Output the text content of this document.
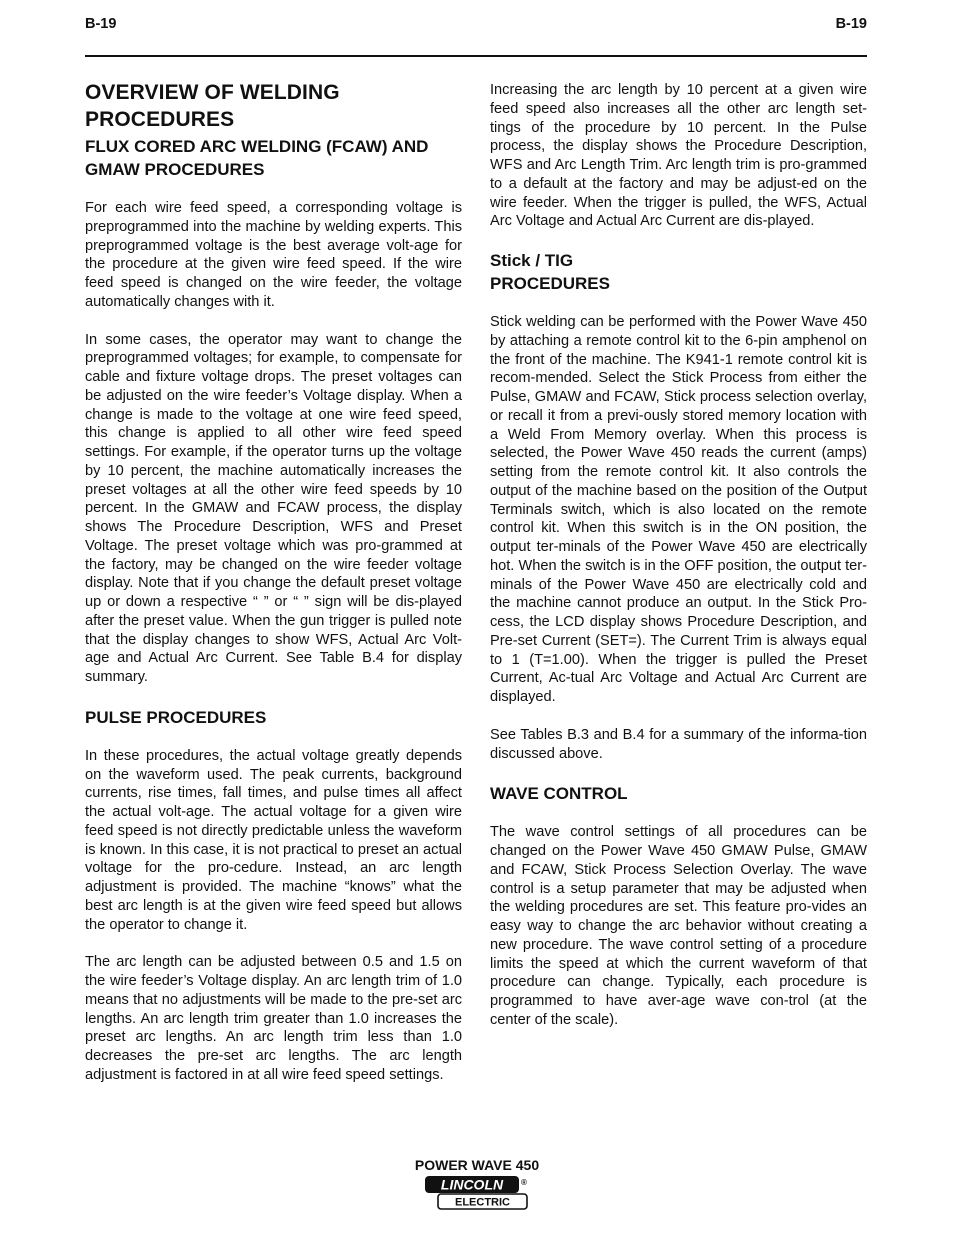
B-19	B-19
OVERVIEW OF WELDING PROCEDURES
FLUX CORED ARC WELDING (FCAW) AND GMAW PROCEDURES

For each wire feed speed, a corresponding voltage is preprogrammed into the machine by welding experts. This preprogrammed voltage is the best average volt-age for the procedure at the given wire feed speed. If the wire feed speed is changed on the wire feeder, the voltage automatically changes with it.

In some cases, the operator may want to change the preprogrammed voltages; for example, to compensate for cable and fixture voltage drops. The preset voltages can be adjusted on the wire feeder’s Voltage display. When a change is made to the voltage at one wire feed speed, this change is applied to all other wire feed speed settings. For example, if the operator turns up the voltage by 10 percent, the machine automatically increases the preset voltages at all the other wire feed speeds by 10 percent. In the GMAW and FCAW process, the display shows The Procedure Description, WFS and Preset Voltage. The preset voltage which was pro-grammed at the factory, may be changed on the wire feeder voltage display. Note that if you change the default preset voltage up or down a respective “ ” or “ ” sign will be dis-played after the preset value. When the gun trigger is pulled note that the display changes to show WFS, Actual Arc Volt-age and Actual Arc Current. See Table B.4 for display summary.

PULSE PROCEDURES

In these procedures, the actual voltage greatly depends on the waveform used. The peak currents, background currents, rise times, fall times, and pulse times all affect the actual volt-age. The actual voltage for a given wire feed speed is not directly predictable unless the waveform is known. In this case, it is not practical to preset an actual voltage for the pro-cedure. Instead, an arc length adjustment is provided. The machine “knows” what the best arc length is at the given wire feed speed but allows the operator to change it.

The arc length can be adjusted between 0.5 and 1.5 on the wire feeder’s Voltage display. An arc length trim of 1.0 means that no adjustments will be made to the pre-set arc lengths. An arc length trim greater than 1.0 increases the preset arc lengths. An arc length trim less than 1.0 decreases the pre-set arc lengths. The arc length adjustment is factored in at all wire feed speed settings.

Increasing the arc length by 10 percent at a given wire feed speed also increases all the other arc length set-tings of the procedure by 10 percent. In the Pulse process, the display shows the Procedure Description, WFS and Arc Length Trim. Arc length trim is pro-grammed to a default at the factory and may be adjust-ed on the wire feeder. When the trigger is pulled, the WFS, Actual Arc Voltage and Actual Arc Current are dis-played.

Stick / TIG
PROCEDURES

Stick welding can be performed with the Power Wave 450 by attaching a remote control kit to the 6-pin amphenol on the front of the machine. The K941-1 remote control kit is recom-mended. Select the Stick Process from either the Pulse, GMAW and FCAW, Stick process selection overlay, or recall it from a previ-ously stored memory location with a Weld From Memory overlay. When this process is selected, the Power Wave 450 reads the current (amps) setting from the remote control kit. It also controls the output of the machine based on the position of the Output Terminals switch, which is also located on the remote control kit. When this switch is in the ON position, the output ter-minals of the Power Wave 450 are electrically hot. When the switch is in the OFF position, the output ter-minals of the Power Wave 450 are electrically cold and the machine cannot produce an output. In the Stick Pro-cess, the LCD display shows Procedure Description, and Pre-set Current (SET=). The Current Trim is always equal to 1 (T=1.00). When the trigger is pulled the Preset Current, Ac-tual Arc Voltage and Actual Arc Current are displayed.

See Tables B.3 and B.4 for a summary of the informa-tion discussed above.

WAVE CONTROL

The wave control settings of all procedures can be changed on the Power Wave 450 GMAW Pulse, GMAW and FCAW, Stick Process Selection Overlay. The wave control is a setup parameter that may be adjusted when the welding procedures are set. This feature pro-vides an easy way to change the arc behavior without creating a new procedure. The wave control setting of a procedure limits the speed at which the current waveform of that procedure can change. Typically, each procedure is programmed to have aver-age wave con-trol (at the center of the scale).

POWER WAVE 450
LINCOLN ®
ELECTRIC
